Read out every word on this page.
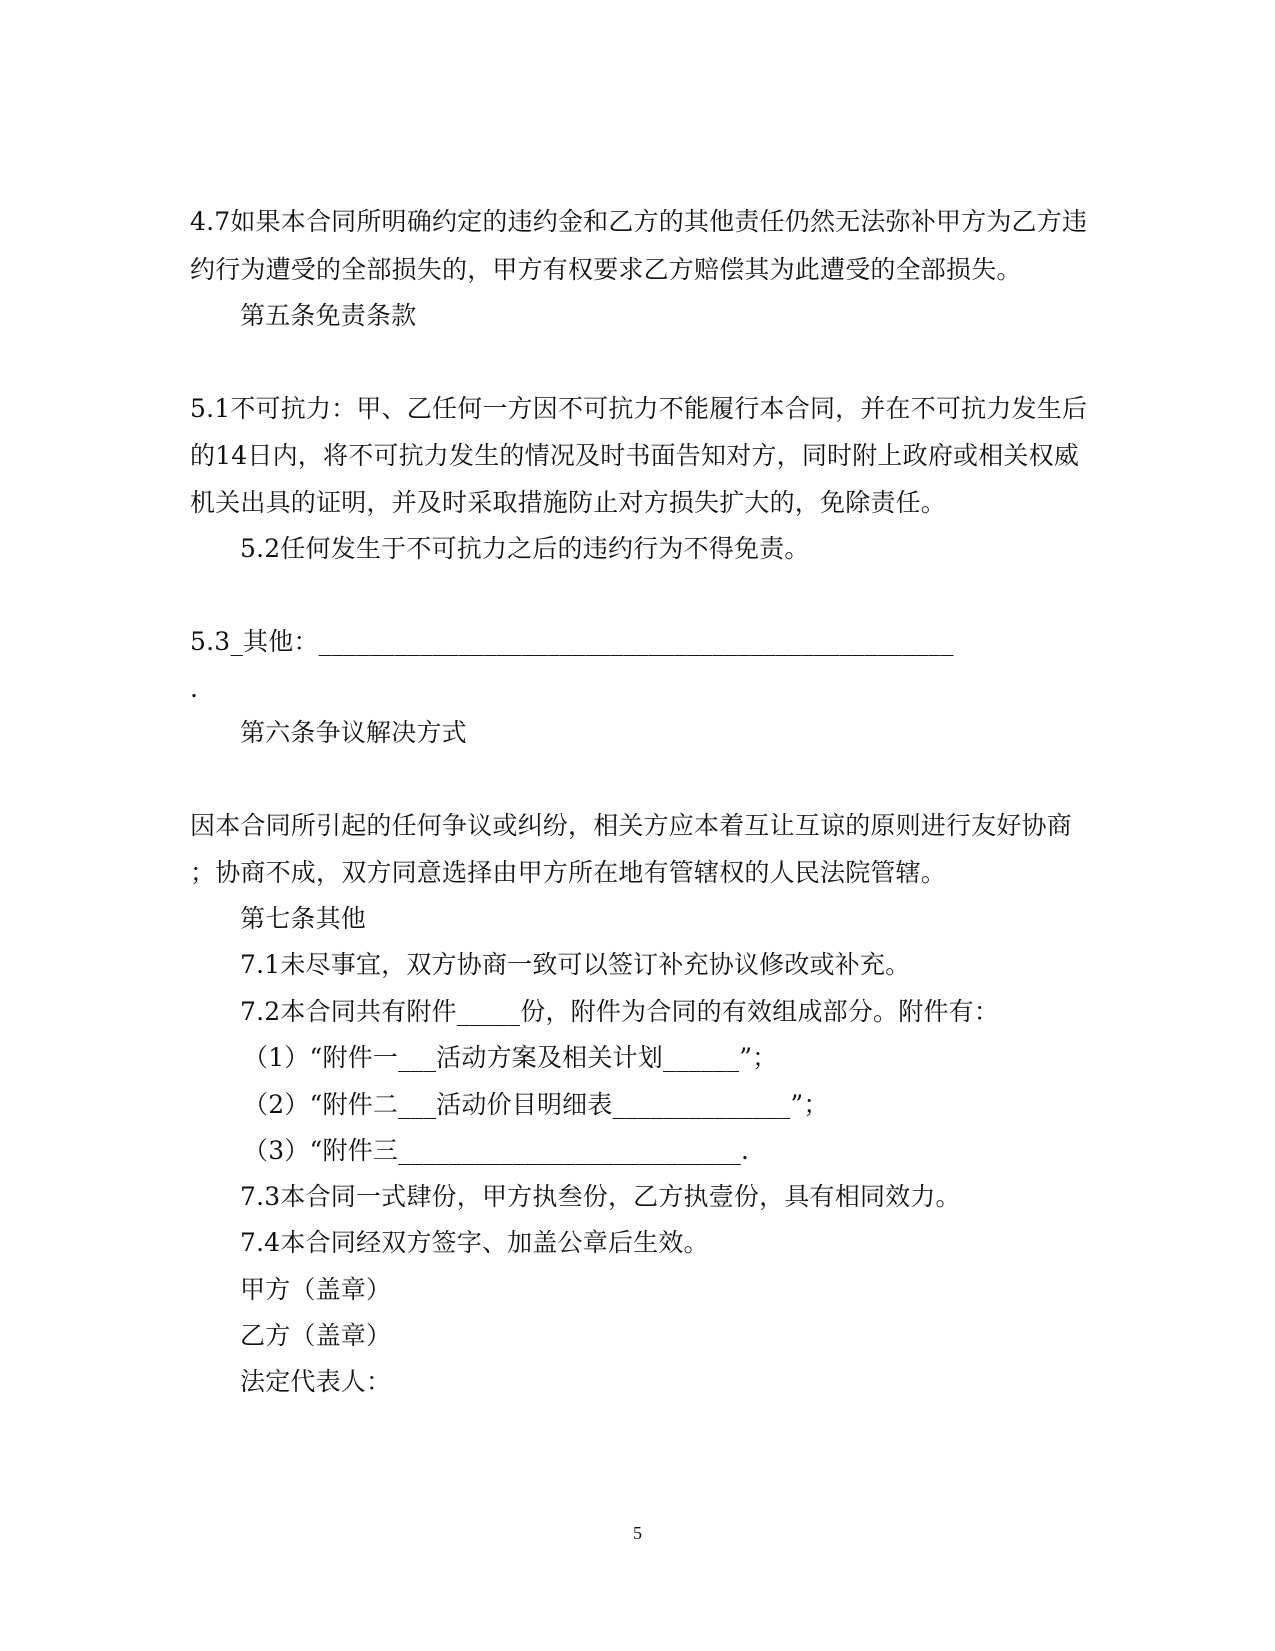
4.7如果本合同所明确约定的违约金和乙方的其他责任仍然无法弥补甲方为乙方违
约行为遭受的全部损失的，甲方有权要求乙方赔偿其为此遭受的全部损失。
第五条免责条款
5.1不可抗力：甲、乙任何一方因不可抗力不能履行本合同，并在不可抗力发生后
的14日内，将不可抗力发生的情况及时书面告知对方，同时附上政府或相关权威
机关出具的证明，并及时采取措施防止对方损失扩大的，免除责任。
5.2任何发生于不可抗力之后的违约行为不得免责。
5.3_其他：__________________________________________________
.
第六条争议解决方式
因本合同所引起的任何争议或纠纷，相关方应本着互让互谅的原则进行友好协商
；协商不成，双方同意选择由甲方所在地有管辖权的人民法院管辖。
第七条其他
7.1未尽事宜，双方协商一致可以签订补充协议修改或补充。
7.2本合同共有附件_____份，附件为合同的有效组成部分。附件有：
（1）“附件一___活动方案及相关计划______”；
（2）“附件二___活动价目明细表______________”；
（3）“附件三___________________________.
7.3本合同一式肆份，甲方执叁份，乙方执壹份，具有相同效力。
7.4本合同经双方签字、加盖公章后生效。
甲方（盖章）
乙方（盖章）
法定代表人：
5
